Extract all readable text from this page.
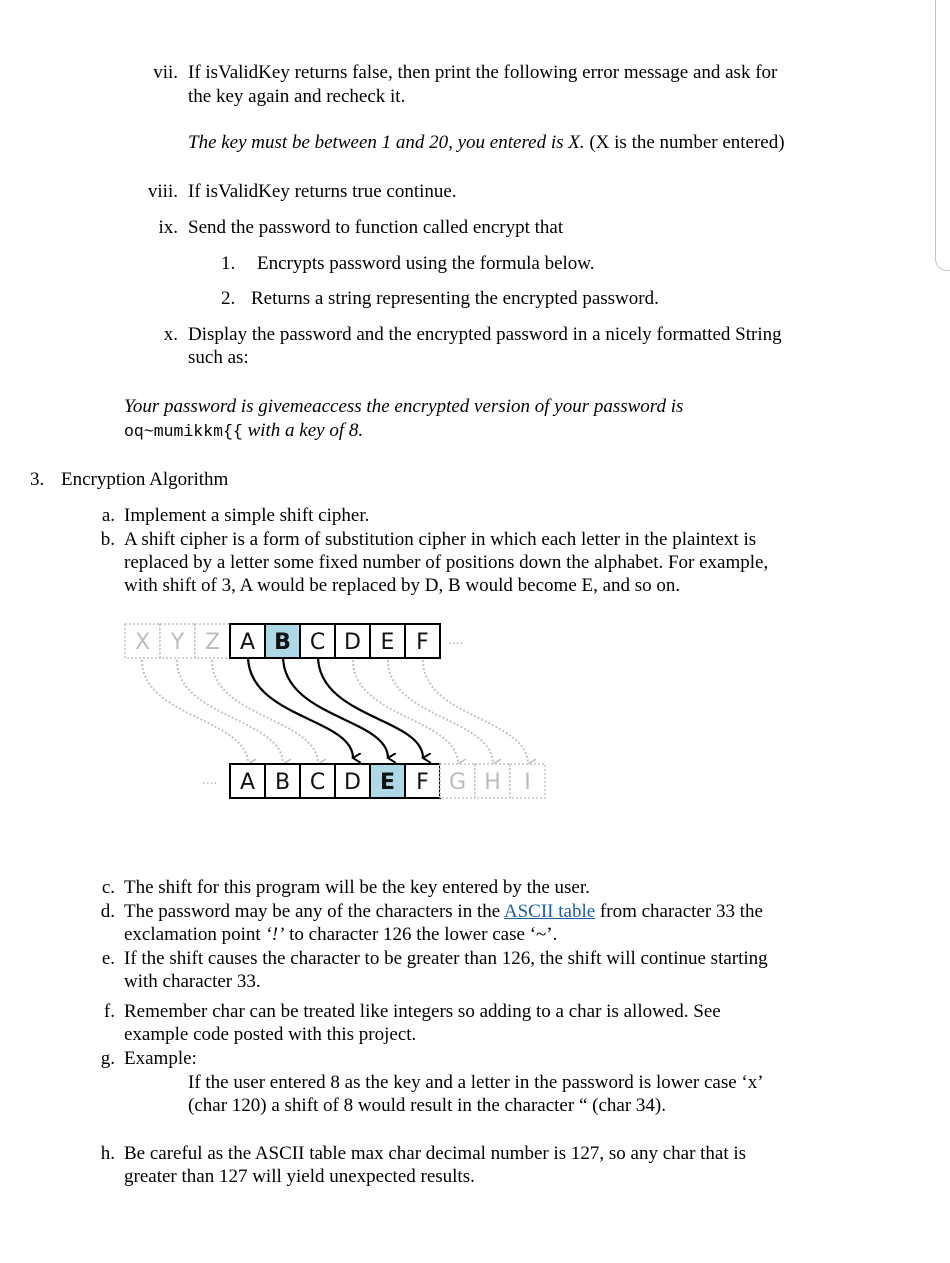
vii. If isValidKey returns false, then print the following error message and ask for
the key again and recheck it.
The key must be between 1 and 20, you entered is X. (X is the number entered)
viii. If isValidKey returns true continue.
ix. Send the password to function called encrypt that
1. Encrypts password using the formula below.
2. Returns a string representing the encrypted password.
x. Display the password and the encrypted password in a nicely formatted String
such as:
Your password is givemeaccess the encrypted version of your password is
oq~mumikkm{{ with a key of 8.
3. Encryption Algorithm
a. Implement a simple shift cipher.
b. A shift cipher is a form of substitution cipher in which each letter in the plaintext is
replaced by a letter some fixed number of positions down the alphabet. For example,
with shift of 3, A would be replaced by D, B would become E, and so on.
X Y Z A B C D E F ....
.... A B C D E F G H I
c. The shift for this program will be the key entered by the user.
d. The password may be any of the characters in the ASCII table from character 33 the
exclamation point ‘!’ to character 126 the lower case ‘~’.
e. If the shift causes the character to be greater than 126, the shift will continue starting
with character 33.
f. Remember char can be treated like integers so adding to a char is allowed. See
example code posted with this project.
g. Example:
If the user entered 8 as the key and a letter in the password is lower case ‘x’
(char 120) a shift of 8 would result in the character “ (char 34).
h. Be careful as the ASCII table max char decimal number is 127, so any char that is
greater than 127 will yield unexpected results.
